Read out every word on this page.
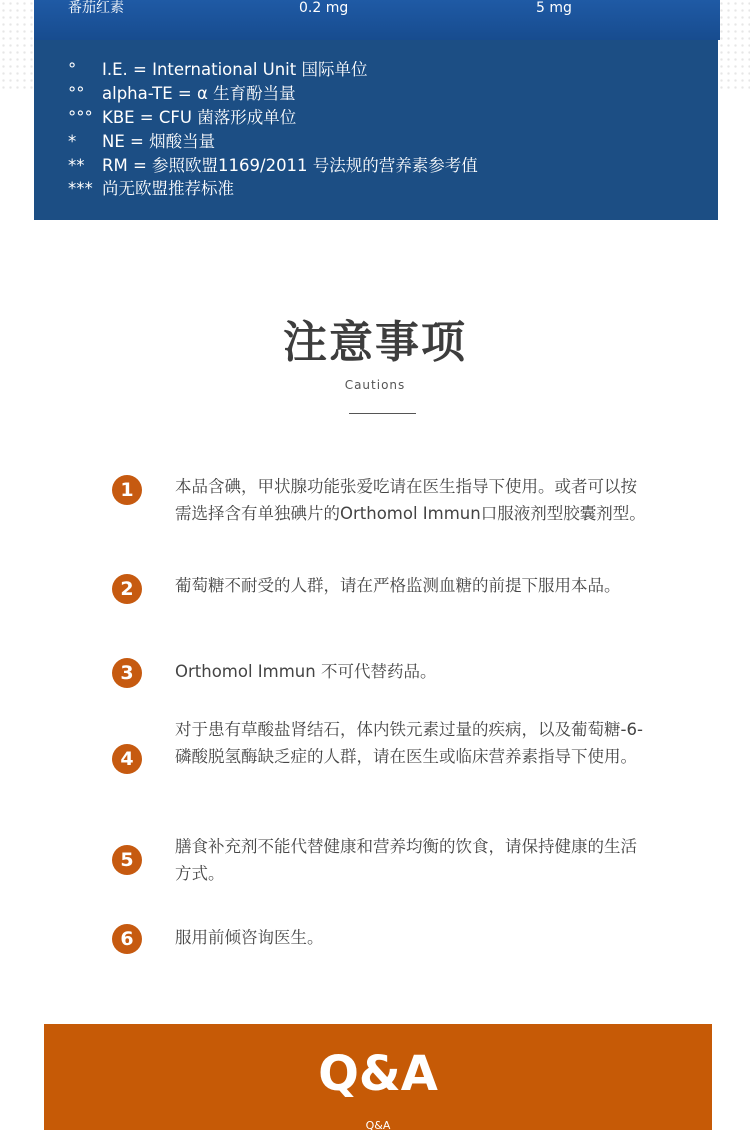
番茄红素	0.2 mg	5 mg
° I.E. = International Unit 国际单位
°° alpha-TE = α 生育酚当量
°°° KBE = CFU 菌落形成单位
* NE = 烟酸当量
** RM = 参照欧盟1169/2011 号法规的营养素参考值
*** 尚无欧盟推荐标准
注意事项
Cautions
1	本品含碘，甲状腺功能张爱吃请在医生指导下使用。或者可以按需选择含有单独碘片的Orthomol Immun口服液剂型胶囊剂型。
2	葡萄糖不耐受的人群，请在严格监测血糖的前提下服用本品。
3	Orthomol Immun 不可代替药品。
4
对于患有草酸盐肾结石，体内铁元素过量的疾病，以及葡萄糖-6-磷酸脱氢酶缺乏症的人群，请在医生或临床营养素指导下使用。
5
膳食补充剂不能代替健康和营养均衡的饮食，请保持健康的生活方式。
6	服用前倾咨询医生。
Q&A
Q&A
